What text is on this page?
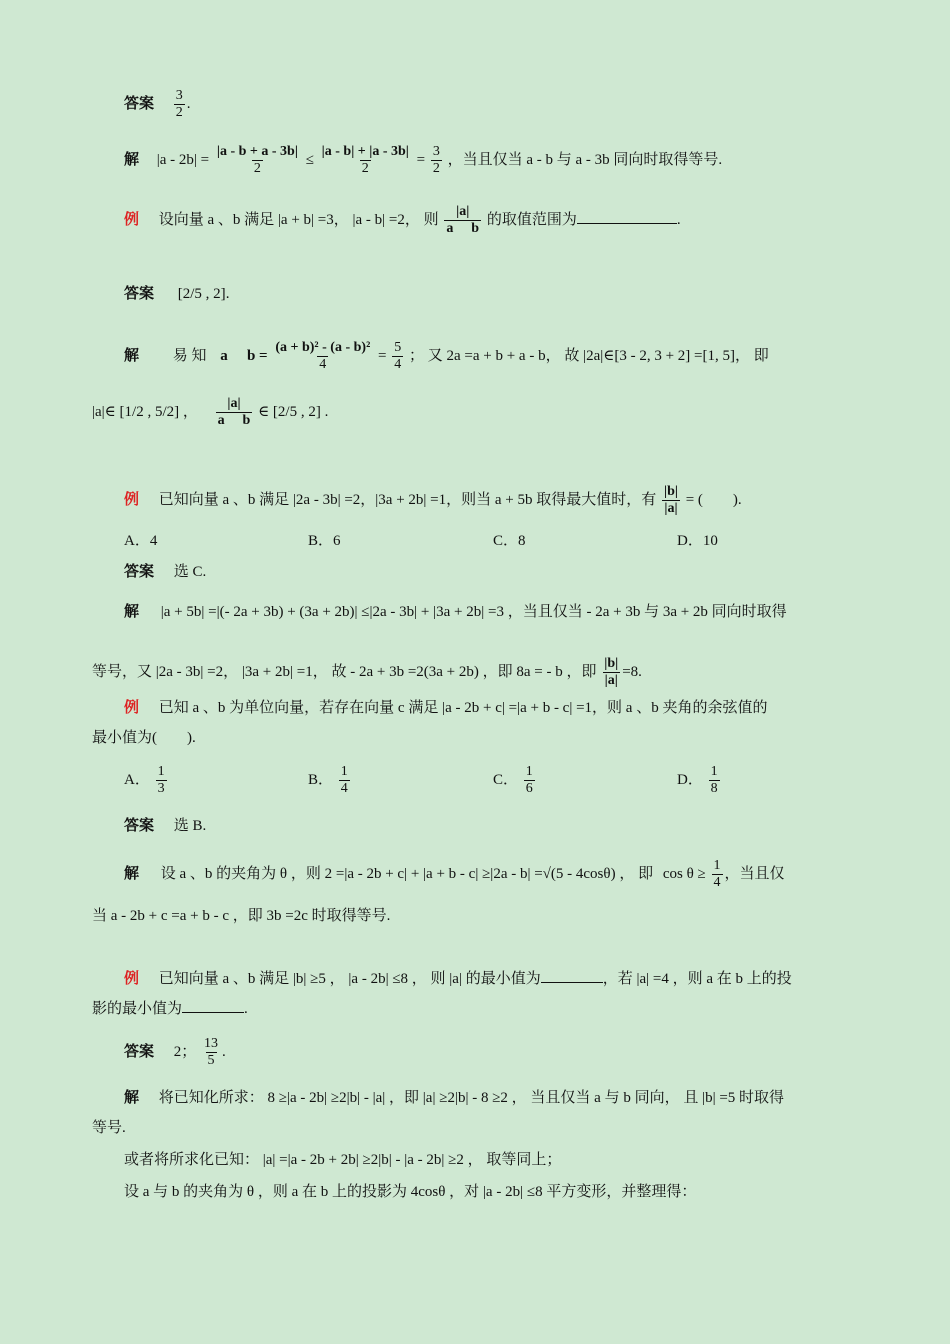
答案 $\frac{3}{2}$ .
解 $|a - 2b| = \frac{|a - b + a - 3b|}{2} \le \frac{|a - b| + |a - 3b|}{2} = \frac{3}{2}$ ，当且仅当 a - b 与 a - 3b 同向时取得等号.
例 设向量 a 、b 满足 |a + b| =3， |a - b| =2， 则 $\frac{|a|}{a ⃞ b}$ 的取值范围为	.
答案 [2/5 , 2].
解 易 知 a ⃞ $b = \frac{\text{(a + b)² - (a - b)²}}{4} = \frac{5}{4}$ ； 又 2a =a + b + a - b， 故 |2a|∈[3 - 2, 3 + 2] =[1, 5]， 即
|a|∈ [1/2 , 5/2] ， $\frac{|a|}{a ⃞ b}$ ∈ [2/5 , 2] .
例 已知向量 a 、b 满足 |2a - 3b| =2，|3a + 2b| =1，则当 a + 5b 取得最大值时，有 $\frac{|b|}{|a|}$ = (　　).
A．4	B．6	C．8	D．10
答案 选 C.
解 |a + 5b| =|(- 2a + 3b) + (3a + 2b)| ≤|2a - 3b| + |3a + 2b| =3 ，当且仅当 - 2a + 3b 与 3a + 2b 同向时取得
等号，又 |2a - 3b| =2， |3a + 2b| =1， 故 - 2a + 3b =2(3a + 2b) ，即 8a = - b ，即 $\frac{|b|}{|a|} =8$.
例 已知 a 、b 为单位向量，若存在向量 c 满足 |a - 2b + c| =|a + b - c| =1，则 a 、b 夹角的余弦值的
最小值为(　　).
A． $\frac{1}{3}$	B． $\frac{1}{4}$	C． $\frac{1}{6}$	D． $\frac{1}{8}$
答案 选 B.
解 设 a 、b 的夹角为 θ ，则 2 =|a - 2b + c| + |a + b - c| ≥|2a - b| =√(5 - 4cosθ) ， 即 $\cos \theta \ge \frac{1}{4}$ ，当且仅
当 a - 2b + c =a + b - c ，即 3b =2c 时取得等号.
例 已知向量 a 、b 满足 |b| ≥5 ， |a - 2b| ≤8 ， 则 |a| 的最小值为	，若 |a| =4 ，则 a 在 b 上的投
影的最小值为	.
答案 2； $\frac{13}{5}$ .
解 将已知化所求： 8 ≥|a - 2b| ≥2|b| - |a| ，即 |a| ≥2|b| - 8 ≥2 ， 当且仅当 a 与 b 同向， 且 |b| =5 时取得
等号.
或者将所求化已知： |a| =|a - 2b + 2b| ≥2|b| - |a - 2b| ≥2 ， 取等同上；
设 a 与 b 的夹角为 θ ，则 a 在 b 上的投影为 4cosθ ，对 |a - 2b| ≤8 平方变形，并整理得：
